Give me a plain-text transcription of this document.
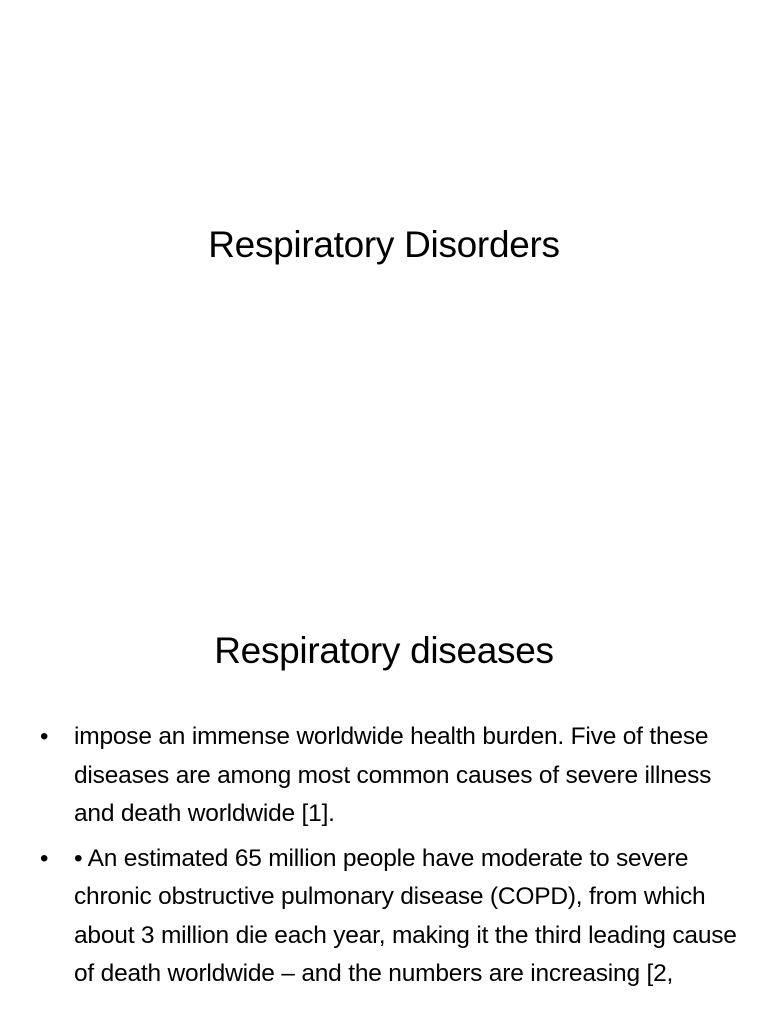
Respiratory Disorders
Respiratory diseases
•	impose an immense worldwide health burden. Five of these diseases are among most common causes of severe illness and death worldwide [1].
•	• An estimated 65 million people have moderate to severe chronic obstructive pulmonary disease (COPD), from which about 3 million die each year, making it the third leading cause of death worldwide – and the numbers are increasing [2,
